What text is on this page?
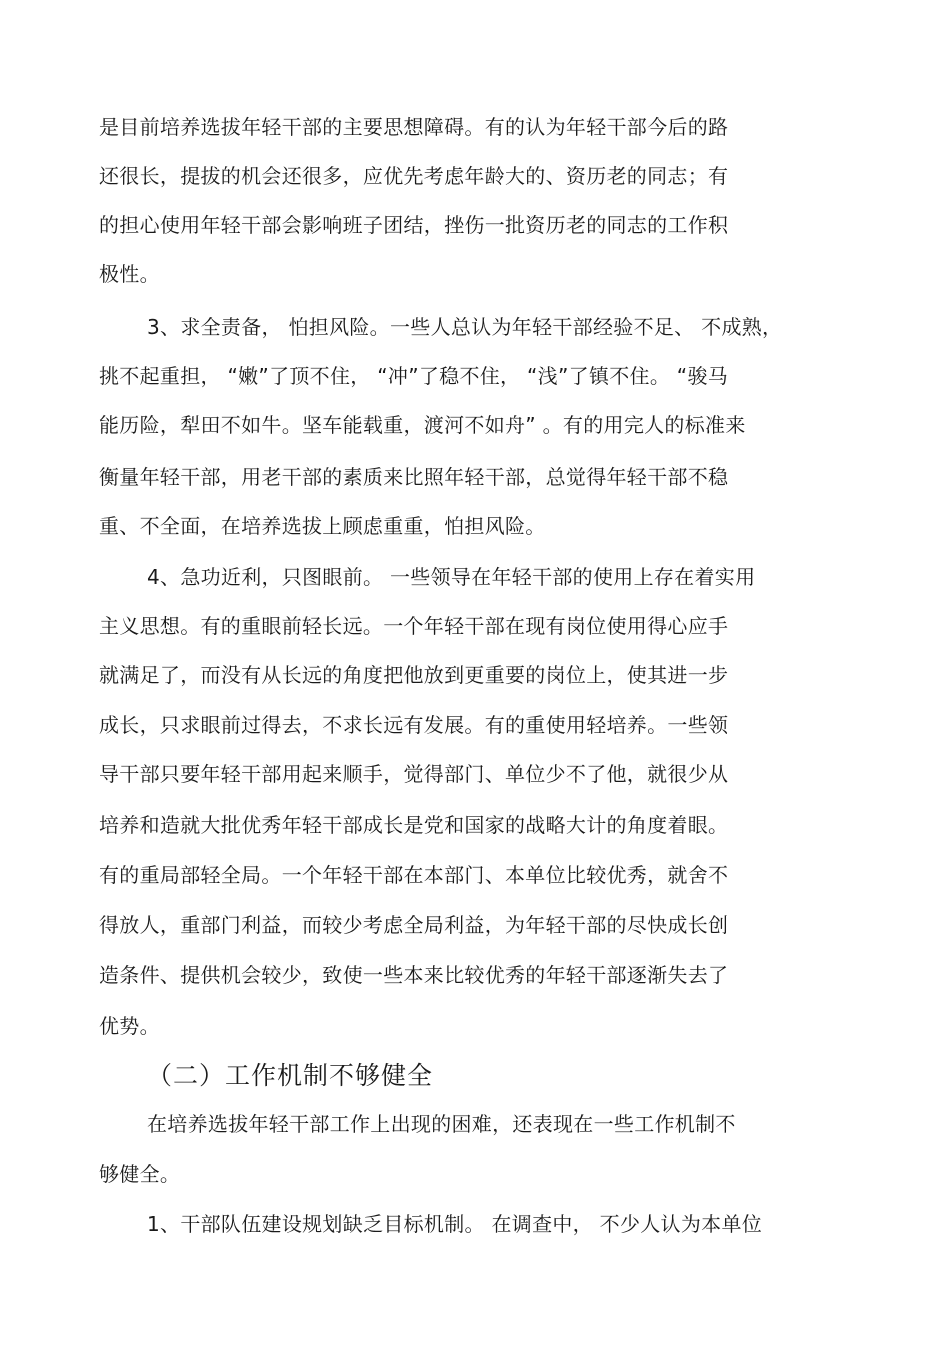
是目前培养选拔年轻干部的主要思想障碍。有的认为年轻干部今后的路
还很长，提拔的机会还很多，应优先考虑年龄大的、资历老的同志；有
的担心使用年轻干部会影响班子团结，挫伤一批资历老的同志的工作积
极性。
3、求全责备， 怕担风险。一些人总认为年轻干部经验不足、 不成熟，
挑不起重担， “嫩”了顶不住， “冲”了稳不住， “浅”了镇不住。 “骏马
能历险，犁田不如牛。坚车能载重，渡河不如舟” 。有的用完人的标准来
衡量年轻干部，用老干部的素质来比照年轻干部，总觉得年轻干部不稳
重、不全面，在培养选拔上顾虑重重，怕担风险。
4、急功近利，只图眼前。 一些领导在年轻干部的使用上存在着实用
主义思想。有的重眼前轻长远。一个年轻干部在现有岗位使用得心应手
就满足了，而没有从长远的角度把他放到更重要的岗位上，使其进一步
成长，只求眼前过得去，不求长远有发展。有的重使用轻培养。一些领
导干部只要年轻干部用起来顺手，觉得部门、单位少不了他，就很少从
培养和造就大批优秀年轻干部成长是党和国家的战略大计的角度着眼。
有的重局部轻全局。一个年轻干部在本部门、本单位比较优秀，就舍不
得放人，重部门利益，而较少考虑全局利益，为年轻干部的尽快成长创
造条件、提供机会较少，致使一些本来比较优秀的年轻干部逐渐失去了
优势。
（二）工作机制不够健全
在培养选拔年轻干部工作上出现的困难，还表现在一些工作机制不
够健全。
1、干部队伍建设规划缺乏目标机制。 在调查中， 不少人认为本单位
